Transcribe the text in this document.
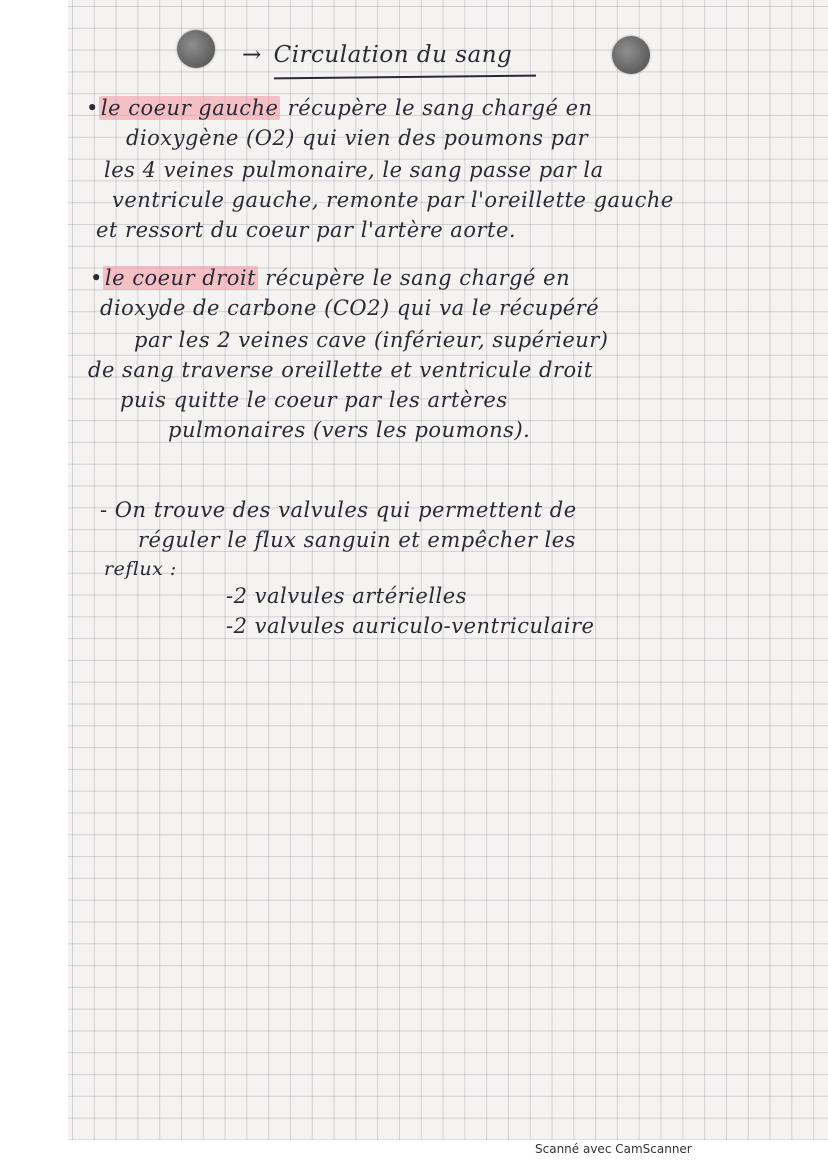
→ Circulation du sang
•le coeur gauche récupère le sang chargé en
dioxygène (O2) qui vien des poumons par
les 4 veines pulmonaire, le sang passe par la
ventricule gauche, remonte par l'oreillette gauche
et ressort du coeur par l'artère aorte.
•le coeur droit récupère le sang chargé en
dioxyde de carbone (CO2) qui va le récupéré
par les 2 veines cave (inférieur, supérieur)
de sang traverse oreillette et ventricule droit
puis quitte le coeur par les artères
pulmonaires (vers les poumons).
- On trouve des valvules qui permettent de
réguler le flux sanguin et empêcher les
reflux :
-2 valvules artérielles
-2 valvules auriculo-ventriculaire
Scanné avec CamScanner
